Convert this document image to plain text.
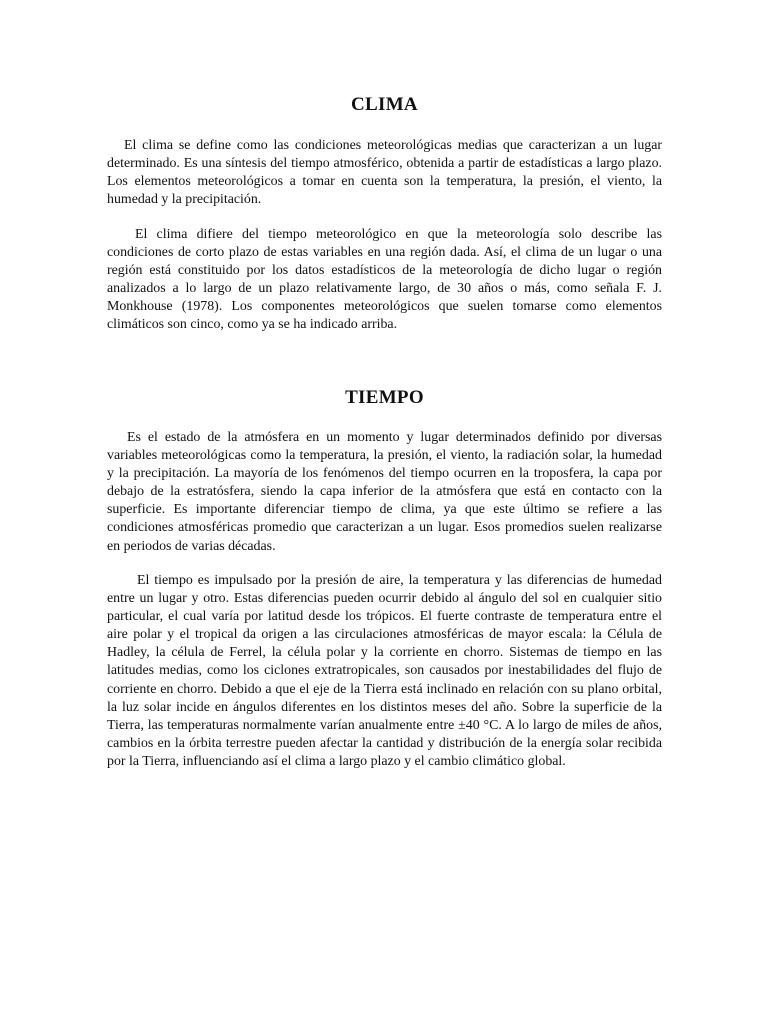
CLIMA

El clima se define como las condiciones meteorológicas medias que caracterizan a un lugar determinado. Es una síntesis del tiempo atmosférico, obtenida a partir de estadísticas a largo plazo. Los elementos meteorológicos a tomar en cuenta son la temperatura, la presión, el viento, la humedad y la precipitación.

El clima difiere del tiempo meteorológico en que la meteorología solo describe las condiciones de corto plazo de estas variables en una región dada. Así, el clima de un lugar o una región está constituido por los datos estadísticos de la meteorología de dicho lugar o región analizados a lo largo de un plazo relativamente largo, de 30 años o más, como señala F. J. Monkhouse (1978). Los componentes meteorológicos que suelen tomarse como elementos climáticos son cinco, como ya se ha indicado arriba.

TIEMPO

Es el estado de la atmósfera en un momento y lugar determinados definido por diversas variables meteorológicas como la temperatura, la presión, el viento, la radiación solar, la humedad y la precipitación. La mayoría de los fenómenos del tiempo ocurren en la troposfera, la capa por debajo de la estratósfera, siendo la capa inferior de la atmósfera que está en contacto con la superficie. Es importante diferenciar tiempo de clima, ya que este último se refiere a las condiciones atmosféricas promedio que caracterizan a un lugar. Esos promedios suelen realizarse en periodos de varias décadas.

El tiempo es impulsado por la presión de aire, la temperatura y las diferencias de humedad entre un lugar y otro. Estas diferencias pueden ocurrir debido al ángulo del sol en cualquier sitio particular, el cual varía por latitud desde los trópicos. El fuerte contraste de temperatura entre el aire polar y el tropical da origen a las circulaciones atmosféricas de mayor escala: la Célula de Hadley, la célula de Ferrel, la célula polar y la corriente en chorro. Sistemas de tiempo en las latitudes medias, como los ciclones extratropicales, son causados por inestabilidades del flujo de corriente en chorro. Debido a que el eje de la Tierra está inclinado en relación con su plano orbital, la luz solar incide en ángulos diferentes en los distintos meses del año. Sobre la superficie de la Tierra, las temperaturas normalmente varían anualmente entre ±40 °C. A lo largo de miles de años, cambios en la órbita terrestre pueden afectar la cantidad y distribución de la energía solar recibida por la Tierra, influenciando así el clima a largo plazo y el cambio climático global.
